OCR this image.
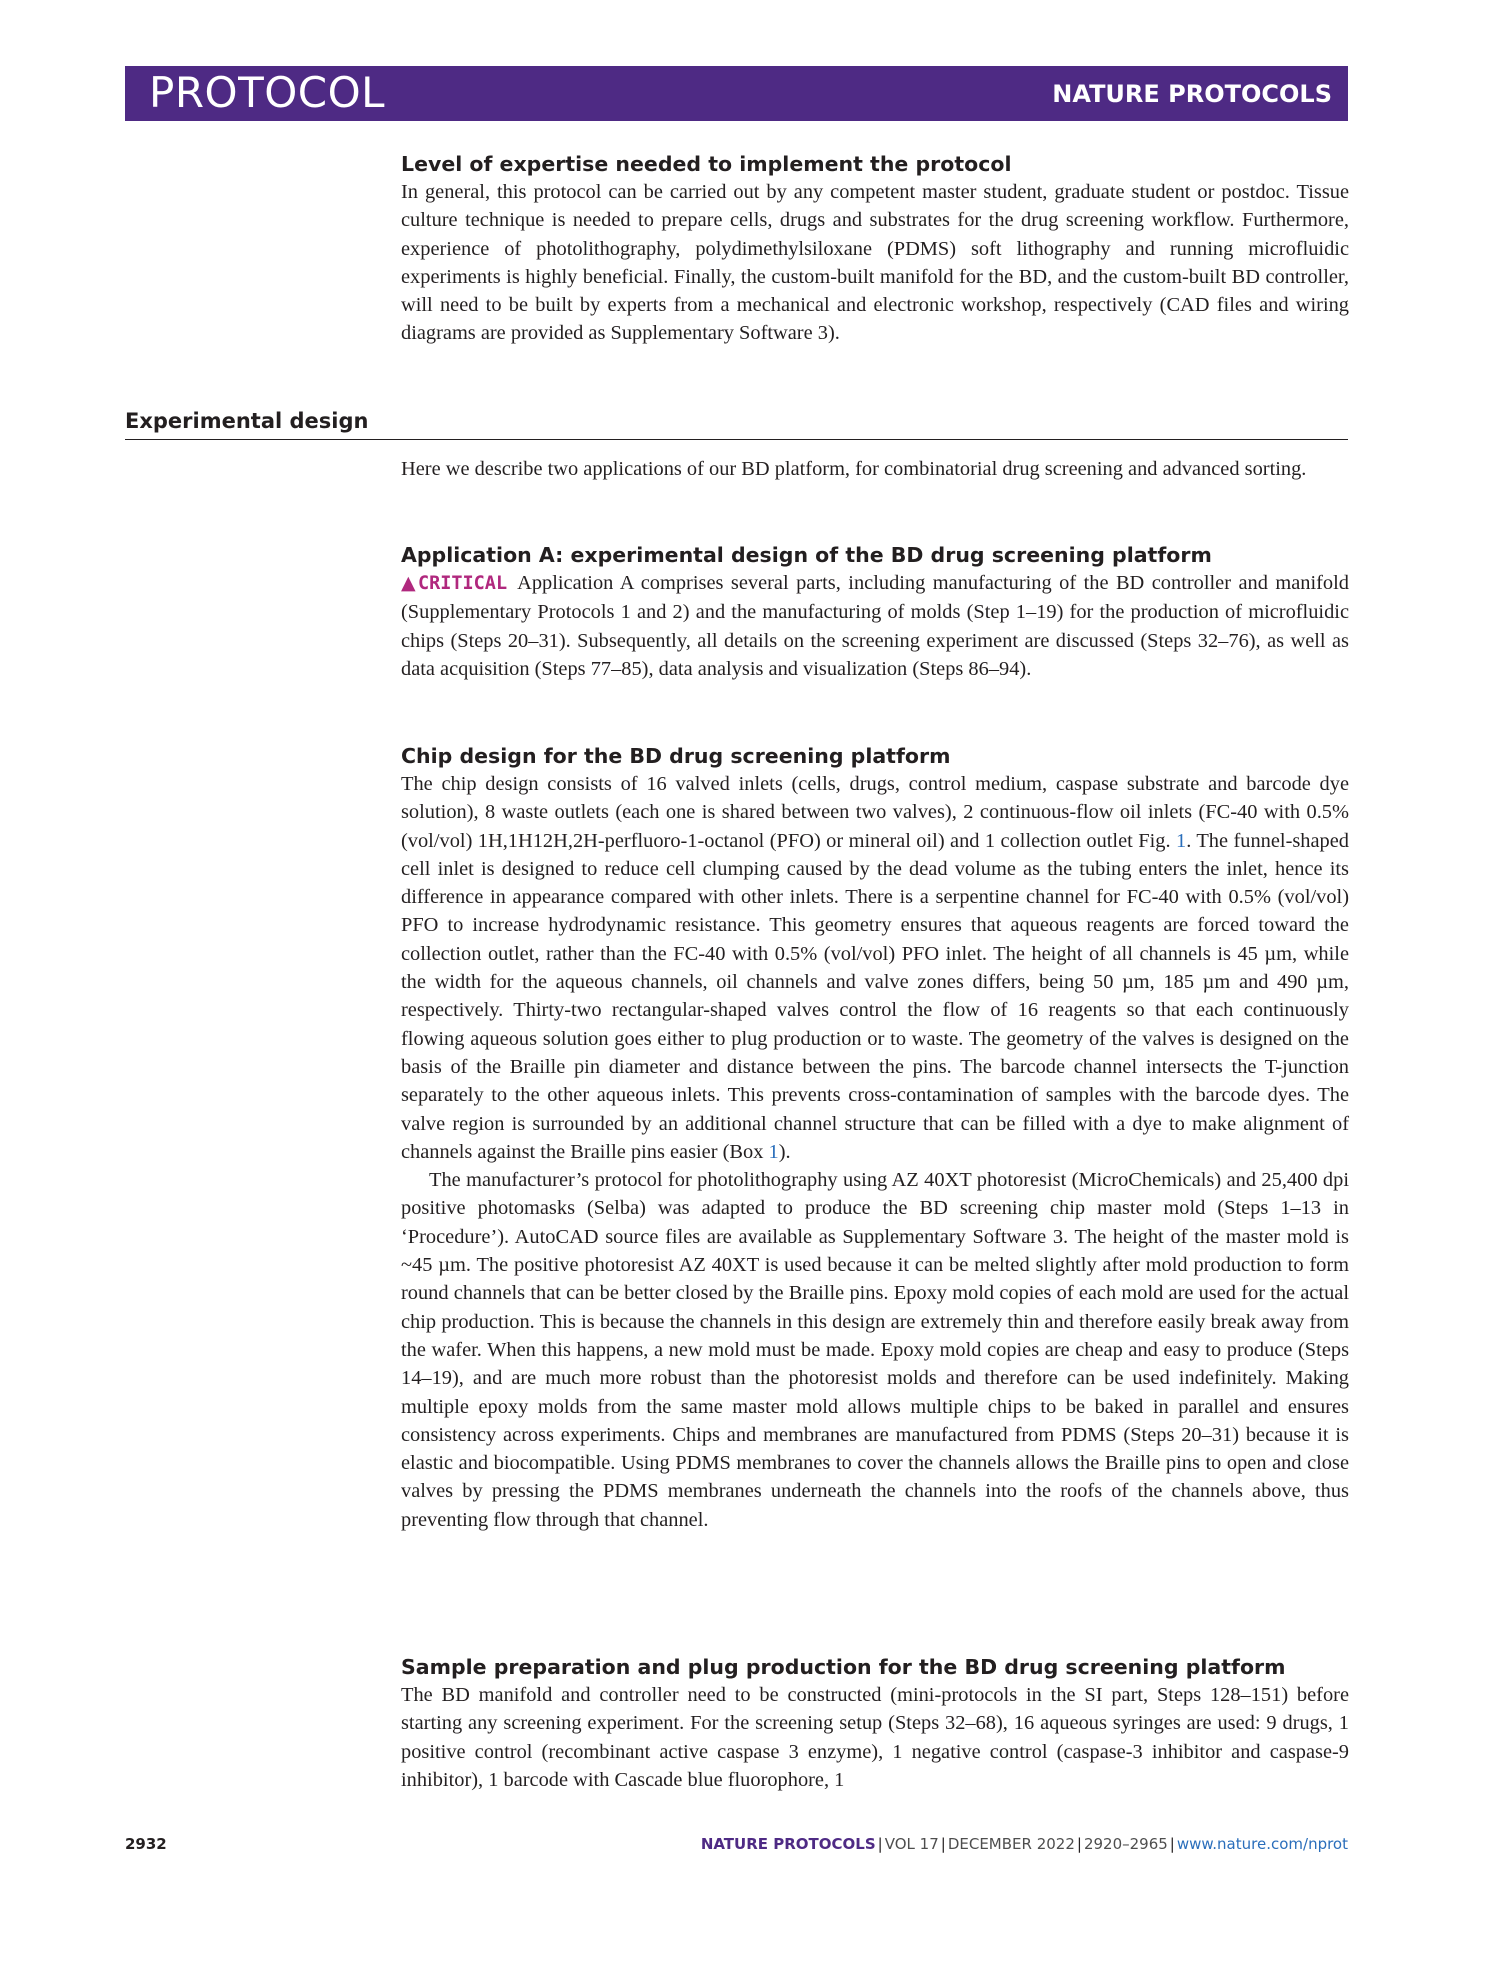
PROTOCOL	NATURE PROTOCOLS
Level of expertise needed to implement the protocol

In general, this protocol can be carried out by any competent master student, graduate student or postdoc. Tissue culture technique is needed to prepare cells, drugs and substrates for the drug screening workflow. Furthermore, experience of photolithography, polydimethylsiloxane (PDMS) soft lithography and running microfluidic experiments is highly beneficial. Finally, the custom-built manifold for the BD, and the custom-built BD controller, will need to be built by experts from a mechanical and electronic workshop, respectively (CAD files and wiring diagrams are provided as Supplementary Software 3).

Experimental design

Here we describe two applications of our BD platform, for combinatorial drug screening and advanced sorting.

Application A: experimental design of the BD drug screening platform

▲CRITICAL Application A comprises several parts, including manufacturing of the BD controller and manifold (Supplementary Protocols 1 and 2) and the manufacturing of molds (Step 1–19) for the production of microfluidic chips (Steps 20–31). Subsequently, all details on the screening experiment are discussed (Steps 32–76), as well as data acquisition (Steps 77–85), data analysis and visualization (Steps 86–94).

Chip design for the BD drug screening platform

The chip design consists of 16 valved inlets (cells, drugs, control medium, caspase substrate and barcode dye solution), 8 waste outlets (each one is shared between two valves), 2 continuous-flow oil inlets (FC-40 with 0.5% (vol/vol) 1H,1H12H,2H-perfluoro-1-octanol (PFO) or mineral oil) and 1 collection outlet Fig. 1. The funnel-shaped cell inlet is designed to reduce cell clumping caused by the dead volume as the tubing enters the inlet, hence its difference in appearance compared with other inlets. There is a serpentine channel for FC-40 with 0.5% (vol/vol) PFO to increase hydrodynamic resistance. This geometry ensures that aqueous reagents are forced toward the collection outlet, rather than the FC-40 with 0.5% (vol/vol) PFO inlet. The height of all channels is 45 µm, while the width for the aqueous channels, oil channels and valve zones differs, being 50 µm, 185 µm and 490 µm, respectively. Thirty-two rectangular-shaped valves control the flow of 16 reagents so that each continuously flowing aqueous solution goes either to plug production or to waste. The geometry of the valves is designed on the basis of the Braille pin diameter and distance between the pins. The barcode channel intersects the T-junction separately to the other aqueous inlets. This prevents cross-contamination of samples with the barcode dyes. The valve region is surrounded by an additional channel structure that can be filled with a dye to make alignment of channels against the Braille pins easier (Box 1).

The manufacturer’s protocol for photolithography using AZ 40XT photoresist (MicroChemicals) and 25,400 dpi positive photomasks (Selba) was adapted to produce the BD screening chip master mold (Steps 1–13 in ‘Procedure’). AutoCAD source files are available as Supplementary Software 3. The height of the master mold is ~45 µm. The positive photoresist AZ 40XT is used because it can be melted slightly after mold production to form round channels that can be better closed by the Braille pins. Epoxy mold copies of each mold are used for the actual chip production. This is because the channels in this design are extremely thin and therefore easily break away from the wafer. When this happens, a new mold must be made. Epoxy mold copies are cheap and easy to produce (Steps 14–19), and are much more robust than the photoresist molds and therefore can be used indefinitely. Making multiple epoxy molds from the same master mold allows multiple chips to be baked in parallel and ensures consistency across experiments. Chips and membranes are manufactured from PDMS (Steps 20–31) because it is elastic and biocompatible. Using PDMS membranes to cover the channels allows the Braille pins to open and close valves by pressing the PDMS membranes underneath the channels into the roofs of the channels above, thus preventing flow through that channel.

Sample preparation and plug production for the BD drug screening platform

The BD manifold and controller need to be constructed (mini-protocols in the SI part, Steps 128–151) before starting any screening experiment. For the screening setup (Steps 32–68), 16 aqueous syringes are used: 9 drugs, 1 positive control (recombinant active caspase 3 enzyme), 1 negative control (caspase-3 inhibitor and caspase-9 inhibitor), 1 barcode with Cascade blue fluorophore, 1

2932	NATURE PROTOCOLS | VOL 17 | DECEMBER 2022 | 2920–2965 | www.nature.com/nprot
